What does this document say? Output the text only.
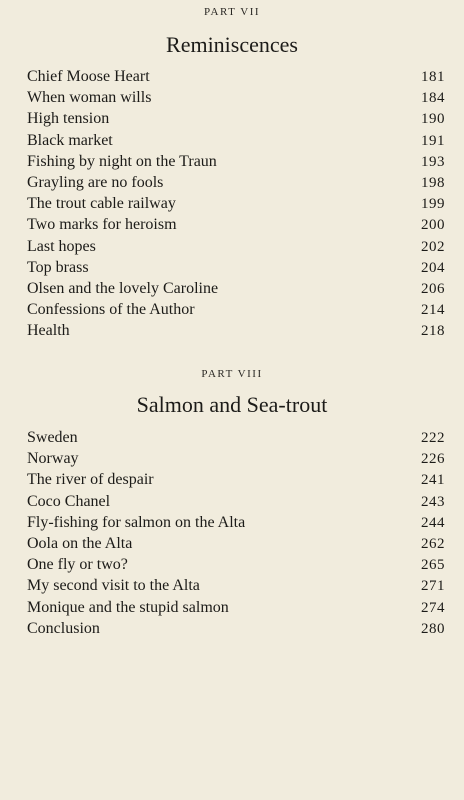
PART VII
Reminiscences
Chief Moose Heart	181
When woman wills	184
High tension	190
Black market	191
Fishing by night on the Traun	193
Grayling are no fools	198
The trout cable railway	199
Two marks for heroism	200
Last hopes	202
Top brass	204
Olsen and the lovely Caroline	206
Confessions of the Author	214
Health	218
PART VIII
Salmon and Sea-trout
Sweden	222
Norway	226
The river of despair	241
Coco Chanel	243
Fly-fishing for salmon on the Alta	244
Oola on the Alta	262
One fly or two?	265
My second visit to the Alta	271
Monique and the stupid salmon	274
Conclusion	280
